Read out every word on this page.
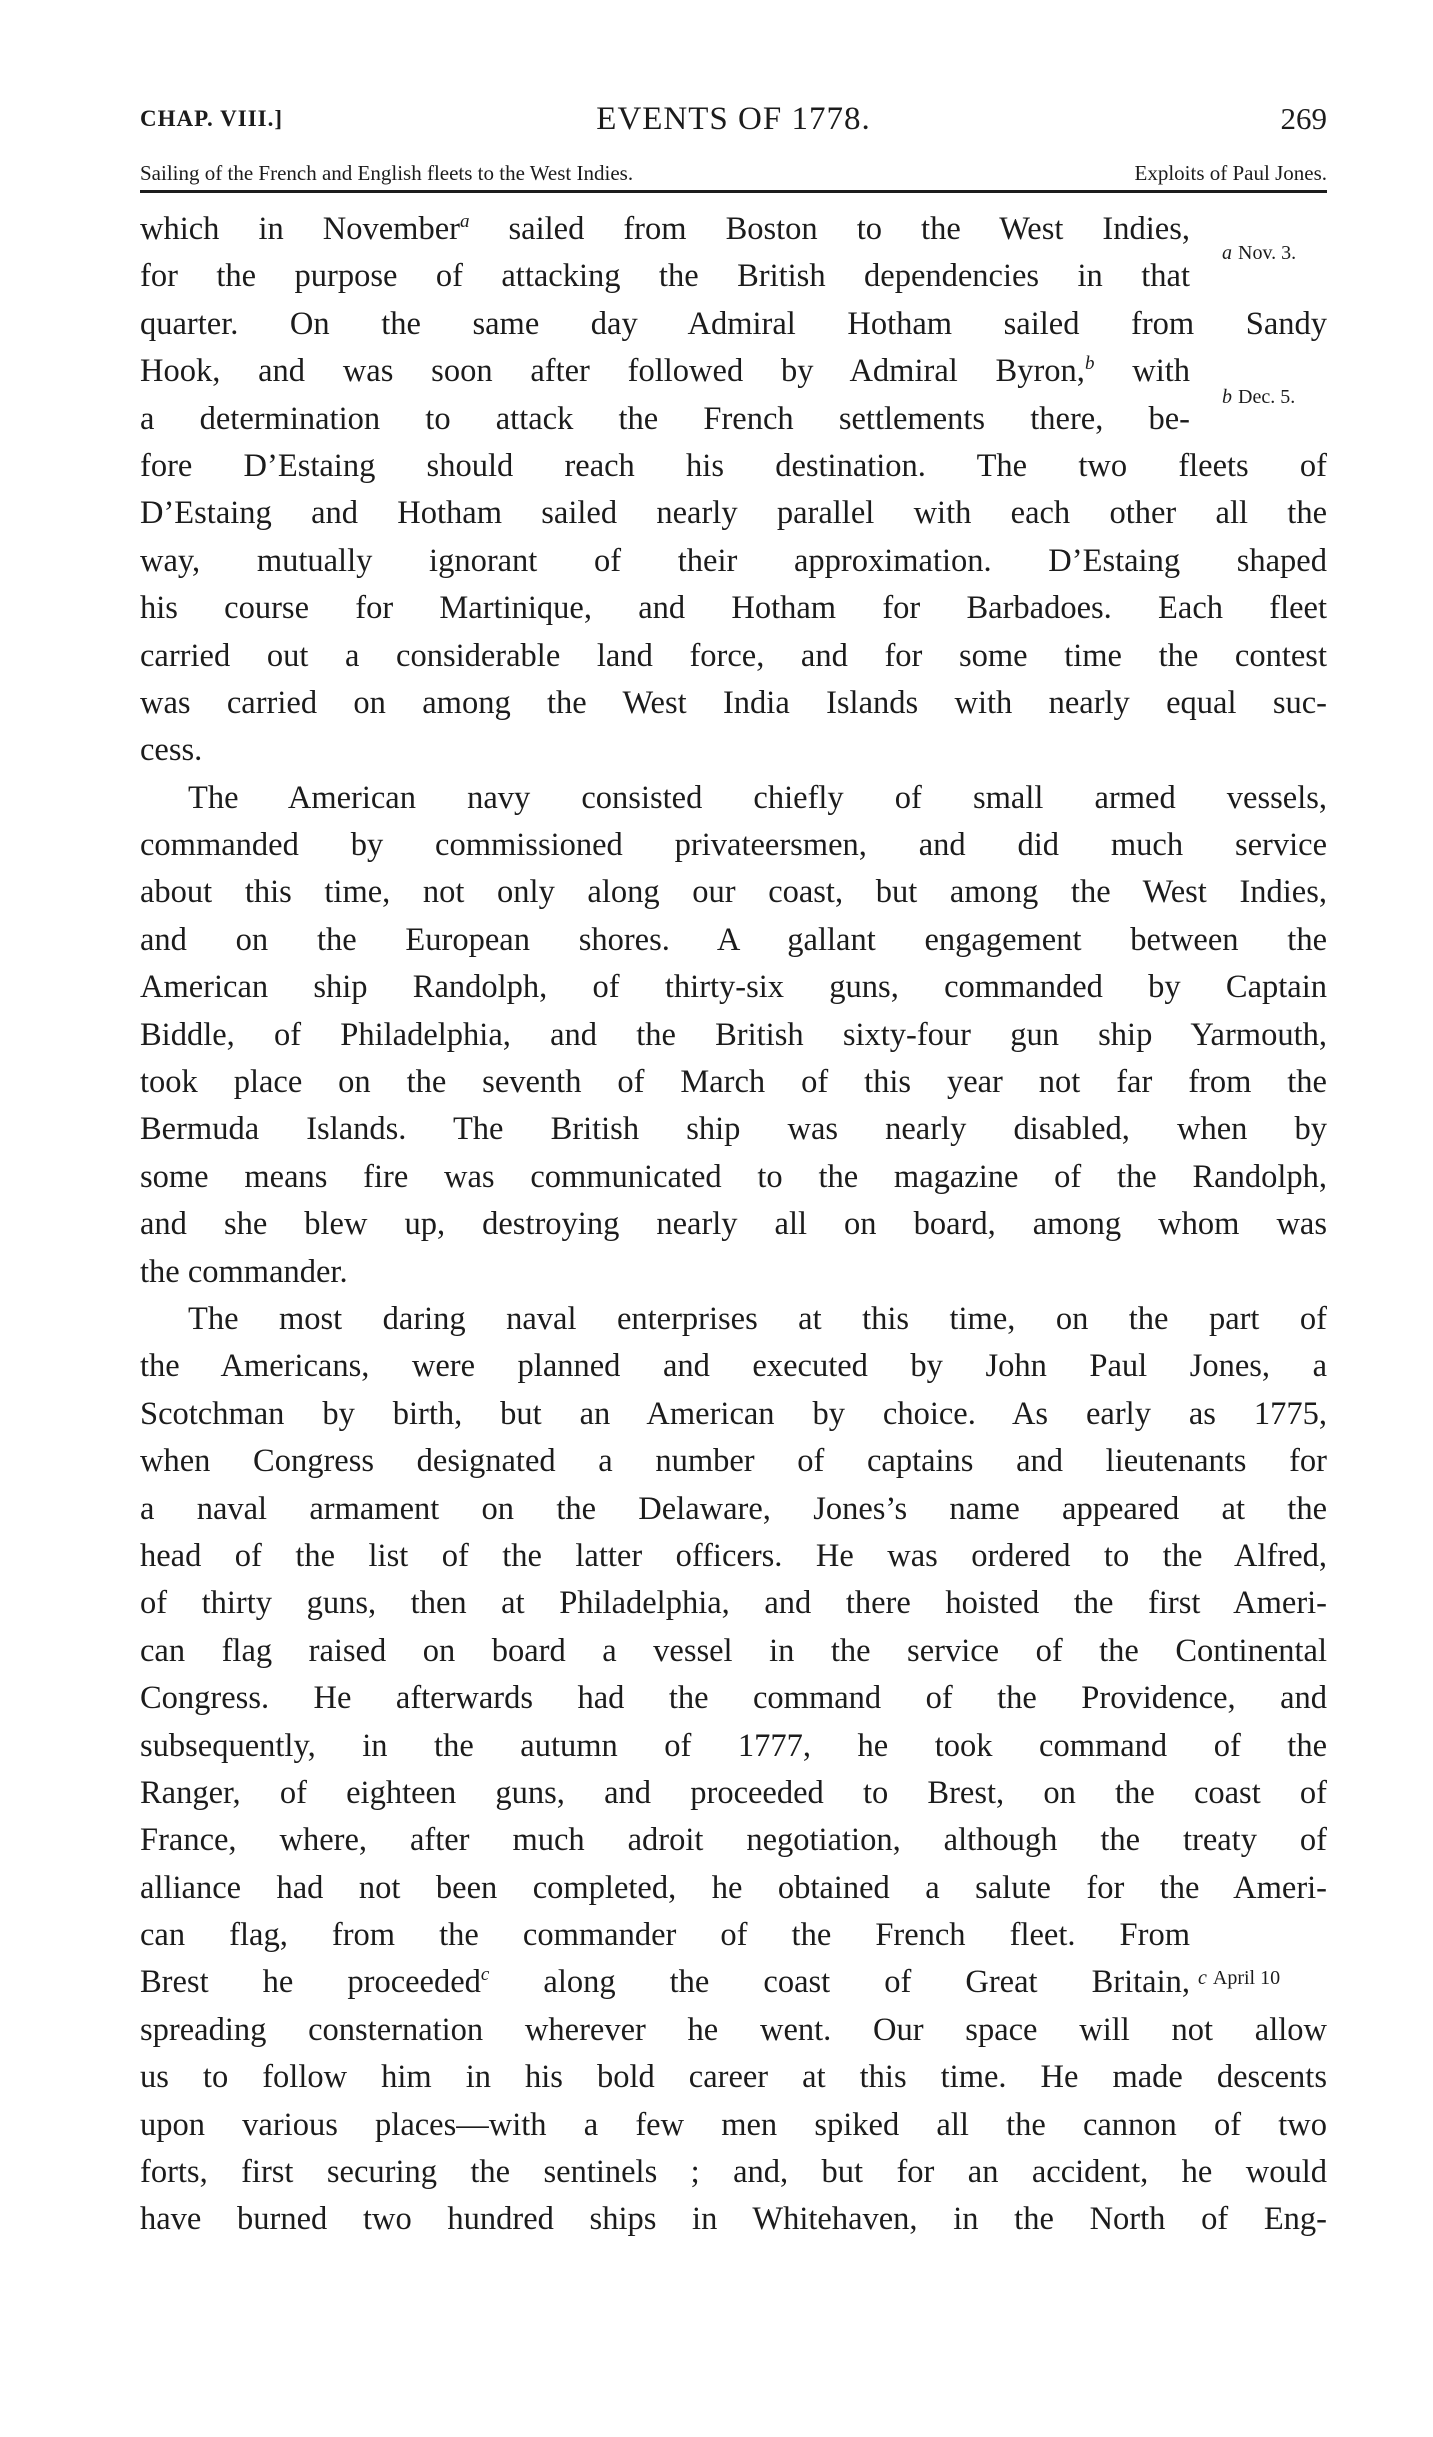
CHAP. VIII.]	EVENTS OF 1778.	269
Sailing of the French and English fleets to the West Indies.	Exploits of Paul Jones.
which in November$^a$ sailed from Boston to the West Indies,
for the purpose of attacking the British dependencies in that
quarter. On the same day Admiral Hotham sailed from Sandy
Hook, and was soon after followed by Admiral Byron,$^b$ with
a determination to attack the French settlements there, be-
fore D’Estaing should reach his destination. The two fleets of
D’Estaing and Hotham sailed nearly parallel with each other all the
way, mutually ignorant of their approximation. D’Estaing shaped
his course for Martinique, and Hotham for Barbadoes. Each fleet
carried out a considerable land force, and for some time the contest
was carried on among the West India Islands with nearly equal suc-
cess.
The American navy consisted chiefly of small armed vessels,
commanded by commissioned privateersmen, and did much service
about this time, not only along our coast, but among the West Indies,
and on the European shores. A gallant engagement between the
American ship Randolph, of thirty-six guns, commanded by Captain
Biddle, of Philadelphia, and the British sixty-four gun ship Yarmouth,
took place on the seventh of March of this year not far from the
Bermuda Islands. The British ship was nearly disabled, when by
some means fire was communicated to the magazine of the Randolph,
and she blew up, destroying nearly all on board, among whom was
the commander.
The most daring naval enterprises at this time, on the part of
the Americans, were planned and executed by John Paul Jones, a
Scotchman by birth, but an American by choice. As early as 1775,
when Congress designated a number of captains and lieutenants for
a naval armament on the Delaware, Jones’s name appeared at the
head of the list of the latter officers. He was ordered to the Alfred,
of thirty guns, then at Philadelphia, and there hoisted the first Ameri-
can flag raised on board a vessel in the service of the Continental
Congress. He afterwards had the command of the Providence, and
subsequently, in the autumn of 1777, he took command of the
Ranger, of eighteen guns, and proceeded to Brest, on the coast of
France, where, after much adroit negotiation, although the treaty of
alliance had not been completed, he obtained a salute for the Ameri-
can flag, from the commander of the French fleet. From
Brest he proceeded$^c$ along the coast of Great Britain,
spreading consternation wherever he went. Our space will not allow
us to follow him in his bold career at this time. He made descents
upon various places—with a few men spiked all the cannon of two
forts, first securing the sentinels ; and, but for an accident, he would
have burned two hundred ships in Whitehaven, in the North of Eng-
a Nov. 3.
b Dec. 5.
c April 10
